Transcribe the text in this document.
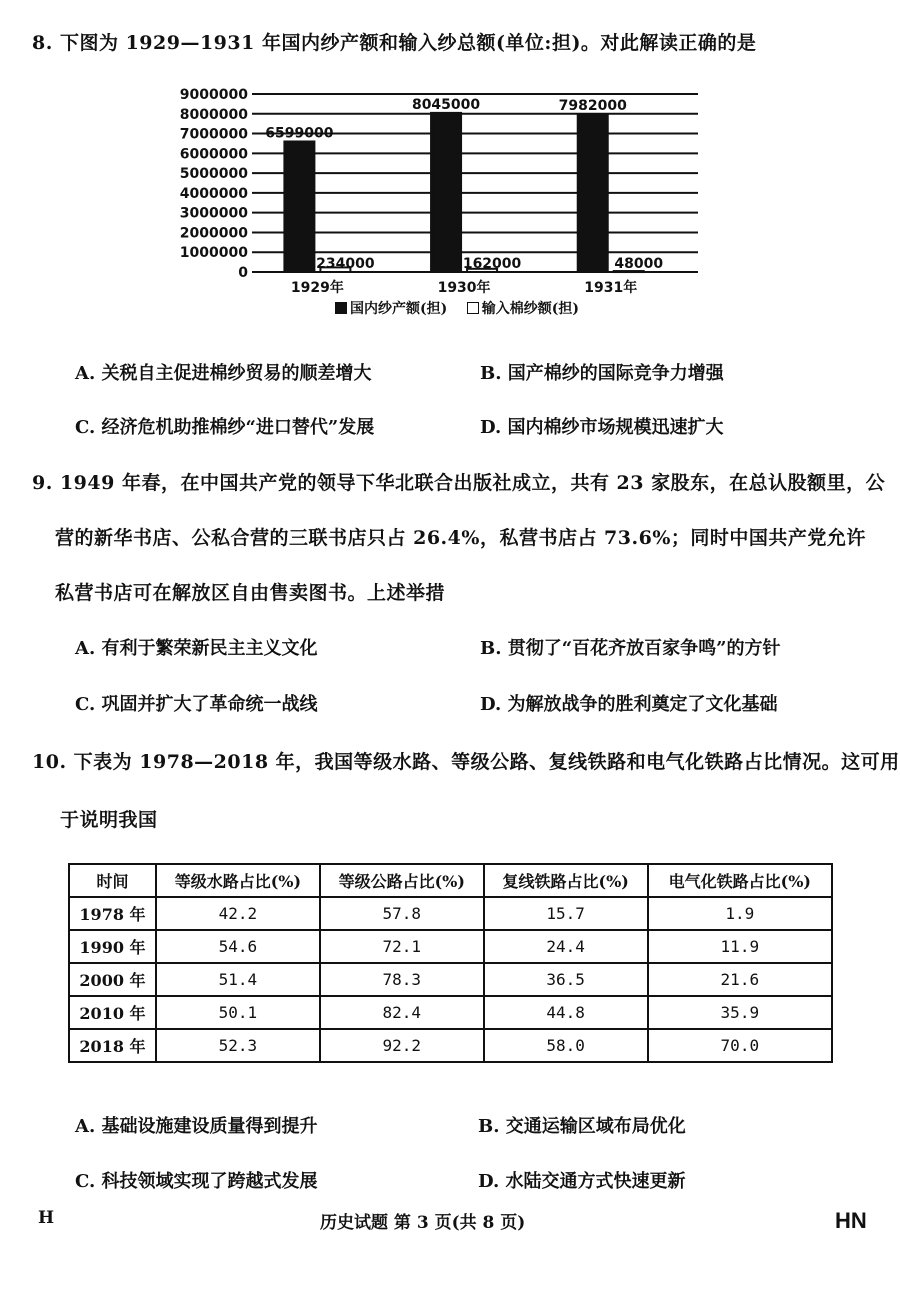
8. 下图为 1929—1931 年国内纱产额和输入纱总额(单位:担)。对此解读正确的是
0
1000000
2000000
3000000
4000000
5000000
6000000
7000000
8000000
9000000
6599000
234000
1929年
8045000
162000
1930年
7982000
48000
1931年
国内纱产额(担) 输入棉纱额(担)
A. 关税自主促进棉纱贸易的顺差增大	B. 国产棉纱的国际竞争力增强
C. 经济危机助推棉纱“进口替代”发展	D. 国内棉纱市场规模迅速扩大
9. 1949 年春，在中国共产党的领导下华北联合出版社成立，共有 23 家股东，在总认股额里，公
营的新华书店、公私合营的三联书店只占 26.4%，私营书店占 73.6%；同时中国共产党允许
私营书店可在解放区自由售卖图书。上述举措
A. 有利于繁荣新民主主义文化	B. 贯彻了“百花齐放百家争鸣”的方针
C. 巩固并扩大了革命统一战线	D. 为解放战争的胜利奠定了文化基础
10. 下表为 1978—2018 年，我国等级水路、等级公路、复线铁路和电气化铁路占比情况。这可用
于说明我国
时间	等级水路占比(%)	等级公路占比(%)	复线铁路占比(%)	电气化铁路占比(%)
1978 年	42.2	57.8	15.7	1.9
1990 年	54.6	72.1	24.4	11.9
2000 年	51.4	78.3	36.5	21.6
2010 年	50.1	82.4	44.8	35.9
2018 年	52.3	92.2	58.0	70.0
A. 基础设施建设质量得到提升	B. 交通运输区域布局优化
C. 科技领域实现了跨越式发展	D. 水陆交通方式快速更新
H	历史试题 第 3 页(共 8 页)	HN
